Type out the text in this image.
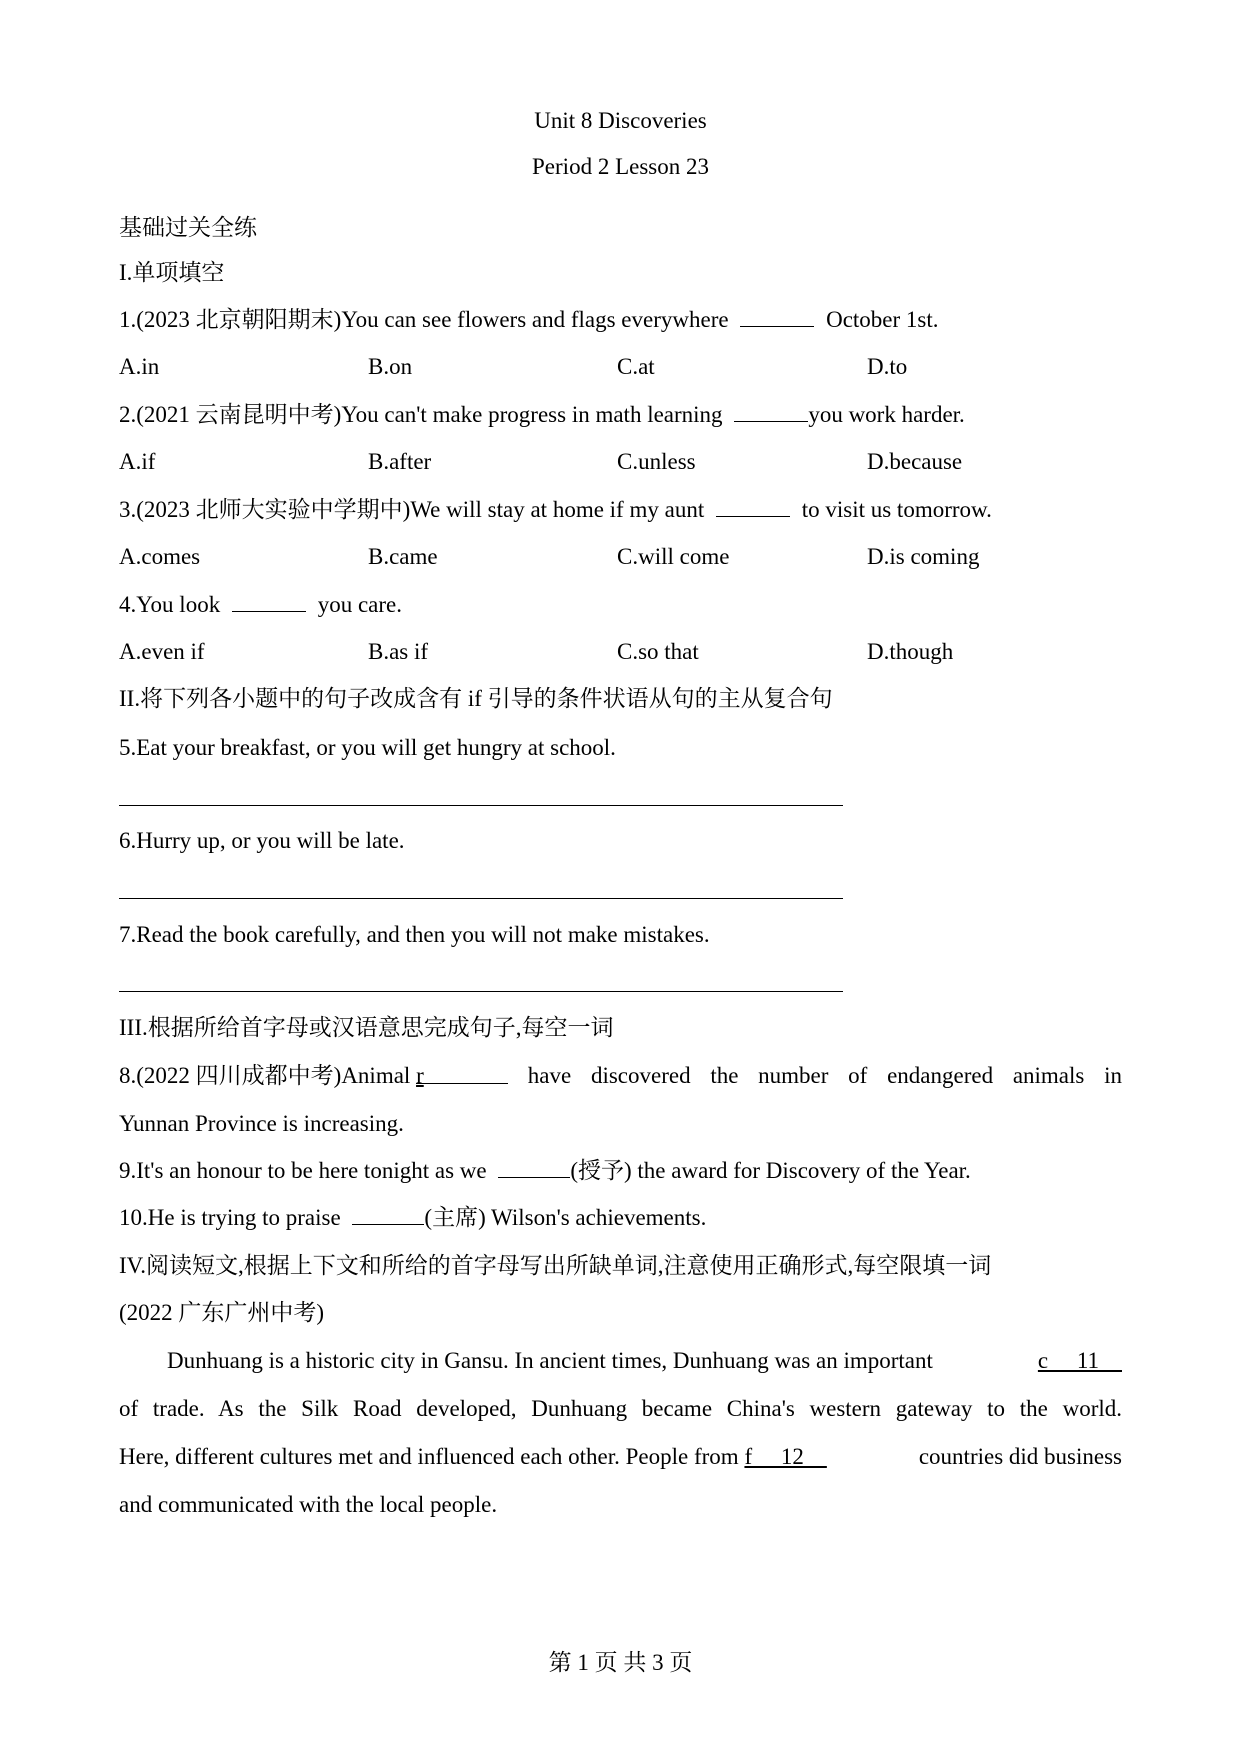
Unit 8 Discoveries
Period 2 Lesson 23
基础过关全练
I.单项填空
1.(2023 北京朝阳期末)You can see flowers and flags everywhere	October 1st.
A.in	B.on	C.at	D.to
2.(2021 云南昆明中考)You can't make progress in math learning	you work harder.
A.if	B.after	C.unless	D.because
3.(2023 北师大实验中学期中)We will stay at home if my aunt	to visit us tomorrow.
A.comes	B.came	C.will come	D.is coming
4.You look	you care.
A.even if	B.as if	C.so that	D.though
II.将下列各小题中的句子改成含有 if 引导的条件状语从句的主从复合句
5.Eat your breakfast, or you will get hungry at school.
6.Hurry up, or you will be late.
7.Read the book carefully, and then you will not make mistakes.
III.根据所给首字母或汉语意思完成句子,每空一词
8.(2022 四川成都中考)Animal r	have discovered the number of endangered animals in
Yunnan Province is increasing.
9.It's an honour to be here tonight as we	(授予) the award for Discovery of the Year.
10.He is trying to praise	(主席) Wilson's achievements.
IV.阅读短文,根据上下文和所给的首字母写出所缺单词,注意使用正确形式,每空限填一词
(2022 广东广州中考)
Dunhuang is a historic city in Gansu. In ancient times, Dunhuang was an important	c     11
of trade. As the Silk Road developed, Dunhuang became China's western gateway to the world.
Here, different cultures met and influenced each other. People from f     12	countries did business
and communicated with the local people.
第 1 页 共 3 页
